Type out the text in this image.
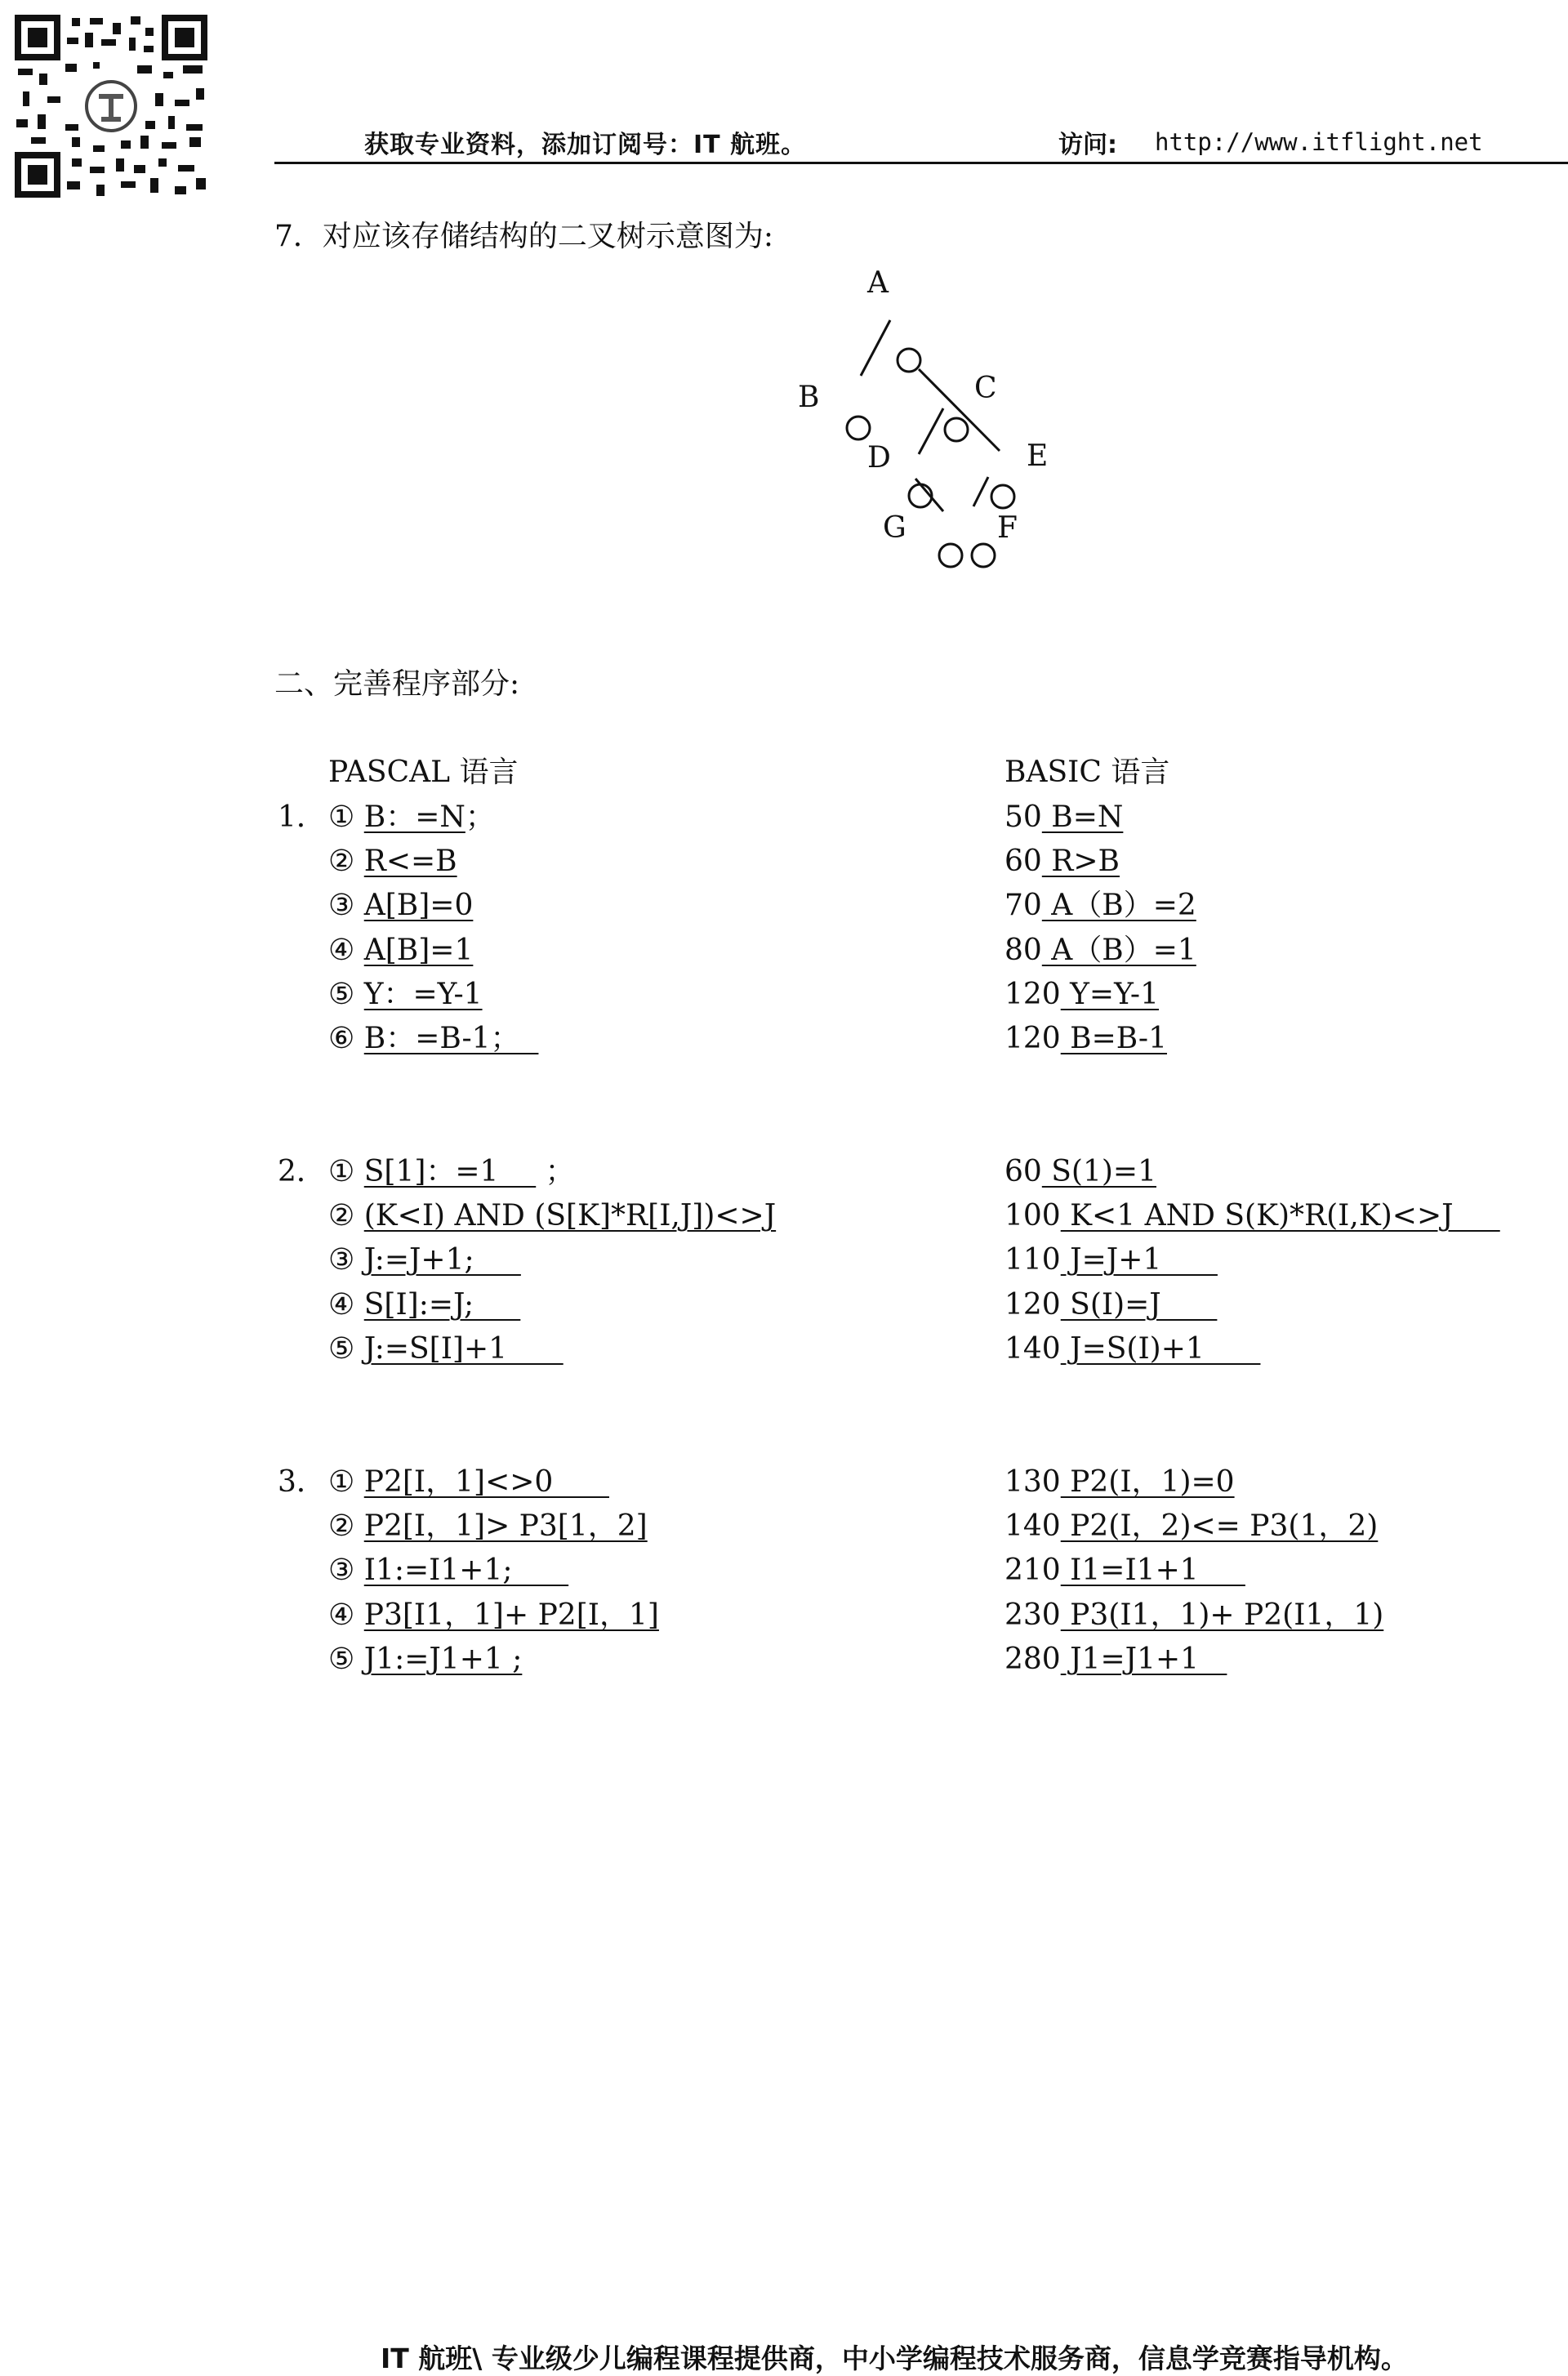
获取专业资料，添加订阅号：IT 航班。	访问: http://www.itflight.net
7．对应该存储结构的二叉树示意图为:
A
B	C
D	E
G	F
二、完善程序部分:
PASCAL 语言	BASIC 语言
1． ① B：=N；	50 B=N
② R<=B	60 R>B
③ A[B]=0	70 A（B）=2
④ A[B]=1	80 A（B）=1
⑤ Y：=Y-1	120 Y=Y-1
⑥ B：=B-1；	120 B=B-1
2． ① S[1]：=1     ；	60 S(1)=1
② (K<I) AND (S[K]*R[I,J])<>J	100 K<1 AND S(K)*R(I,K)<>J
③ J:=J+1;	110 J=J+1
④ S[I]:=J;	120 S(I)=J
⑤ J:=S[I]+1	140 J=S(I)+1
3． ① P2[I，1]<>0	130 P2(I，1)=0
② P2[I，1]> P3[1，2]	140 P2(I，2)<= P3(1，2)
③ I1:=I1+1;	210 I1=I1+1
④ P3[I1，1]+ P2[I，1]	230 P3(I1，1)+ P2(I1，1)
⑤ J1:=J1+1 ;	280 J1=J1+1
IT 航班\ 专业级少儿编程课程提供商，中小学编程技术服务商，信息学竞赛指导机构。
